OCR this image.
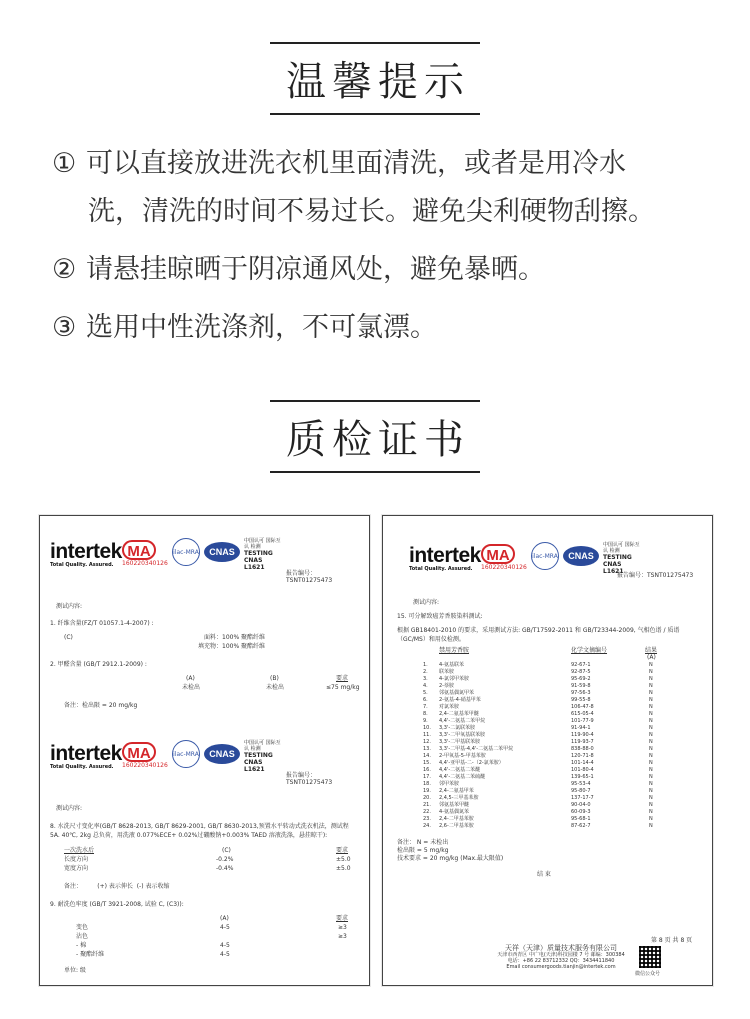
温馨提示
① 可以直接放进洗衣机里面清洗，或者是用冷水
洗，清洗的时间不易过长。避免尖利硬物刮擦。
② 请悬挂晾晒于阴凉通风处，避免暴晒。
③ 选用中性洗涤剂，不可氯漂。
质检证书
intertek
Total Quality. Assured.
MA
160220340126
ilac-MRA	CNAS
中国认可 国际互认 检测
TESTING
CNAS L1621
报告编号：TSNT01275473
测试内容:
1. 纤维含量(FZ/T 01057.1-4-2007) :
(C)	面料：100% 聚酯纤维
填充物：100% 聚酯纤维
2. 甲醛含量 (GB/T 2912.1-2009) :
(A)	(B)	要求
未检出	未检出	≤75 mg/kg
备注：检出限 = 20 mg/kg
intertek
Total Quality. Assured.
MA
160220340126
ilac-MRA	CNAS
中国认可 国际互认 检测
TESTING
CNAS L1621
报告编号：TSNT01275473
测试内容:
8. 水洗尺寸变化率(GB/T 8628-2013, GB/T 8629-2001, GB/T 8630-2013,预置水平转动式洗衣机法，测试程 5A. 40℃, 2kg 总负荷，用洗液 0.077%ECE+ 0.02%过硼酸钠+0.003% TAED 溶液洗涤，悬挂晾干):
一次洗水后	(C)	要求
长度方向	-0.2%	±5.0
宽度方向	-0.4%	±5.0
备注：        (+) 表示伸长  (-) 表示收缩
9. 耐洗色牢度 (GB/T 3921-2008, 试验 C, (C3)):
(A)	要求
变色	4-5	≥3
沾色	≥3
- 棉	4-5
- 聚酯纤维	4-5
单位: 级
intertek
Total Quality. Assured.
MA
160220340126
ilac-MRA	CNAS
中国认可 国际互认 检测
TESTING
CNAS L1621
报告编号：TSNT01275473
测试内容:
15. 可分解致癌芳香胺染料测试:
根据 GB18401-2010 的要求，采用测试方法: GB/T17592-2011 和 GB/T23344-2009, 气相色谱 / 质谱（GC/MS）和用仪检测。
禁用芳香胺	化学文摘编号	结果
(A)
1. 4-氨基联苯	92-67-1	N
2. 联苯胺	92-87-5	N
3. 4-氯邻甲苯胺	95-69-2	N
4. 2-萘胺	91-59-8	N
5. 邻氨基偶氮甲苯	97-56-3	N
6. 2-氨基-4-硝基甲苯	99-55-8	N
7. 对氯苯胺	106-47-8	N
8. 2,4-二氨基苯甲醚	615-05-4	N
9. 4,4'-二氨基二苯甲烷	101-77-9	N
10. 3,3'-二氯联苯胺	91-94-1	N
11. 3,3'-二甲氧基联苯胺	119-90-4	N
12. 3,3'-二甲基联苯胺	119-93-7	N
13. 3,3'-二甲基-4,4'-二氨基二苯甲烷	838-88-0	N
14. 2-甲氧基-5-甲基苯胺	120-71-8	N
15. 4,4'-亚甲基-二-（2-氯苯胺）	101-14-4	N
16. 4,4'-二氨基二苯醚	101-80-4	N
17. 4,4'-二氨基二苯硫醚	139-65-1	N
18. 邻甲苯胺	95-53-4	N
19. 2,4-二氨基甲苯	95-80-7	N
20. 2,4,5-三甲基苯胺	137-17-7	N
21. 邻氨基苯甲醚	90-04-0	N
22. 4-氨基偶氮苯	60-09-3	N
23. 2,4-二甲基苯胺	95-68-1	N
24. 2,6-二甲基苯胺	87-62-7	N
备注： N = 未检出
检出限 = 5 mg/kg
技术要求 = 20 mg/kg (Max.最大限值)
结 束
第 8 页 共 8 页
天祥（天津）质量技术服务有限公司
天津市西青区 中广电(天津)科技园楼 7 号 邮编：300384
电话：+86 22 83712332 QQ：3434411840
Email consumergoods.tianjin@intertek.com
微信公众号
